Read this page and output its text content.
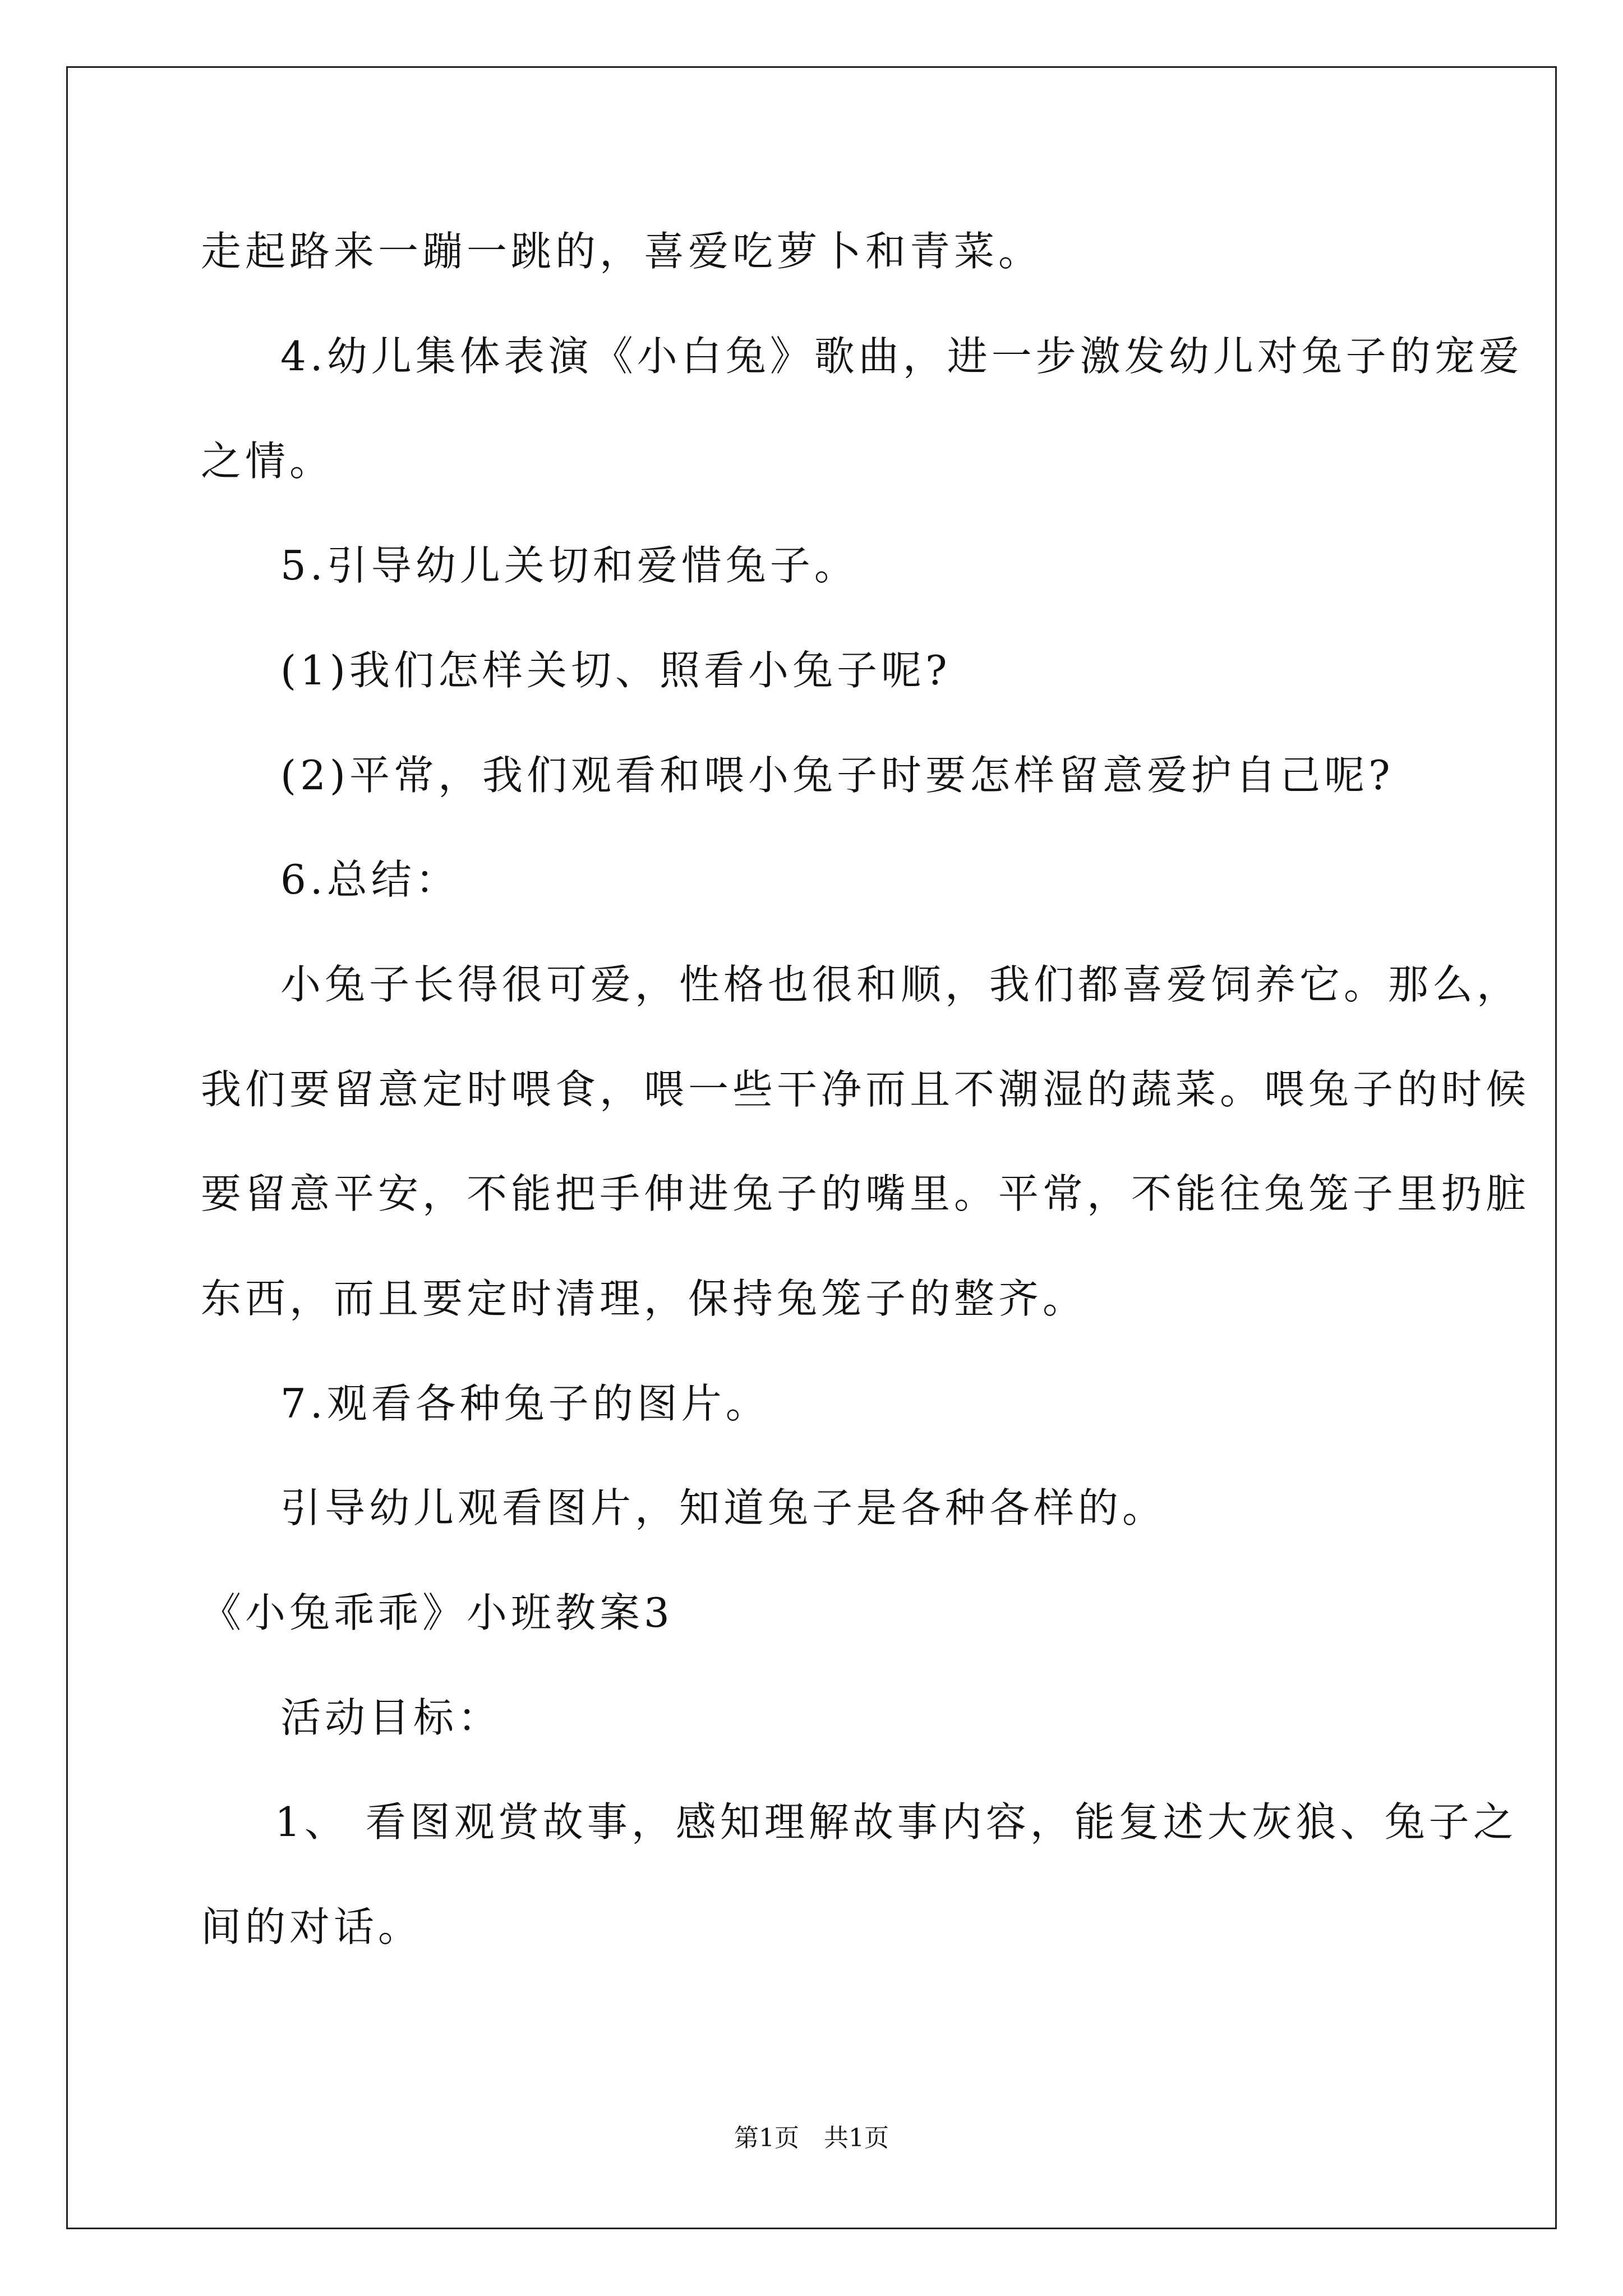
走起路来一蹦一跳的，喜爱吃萝卜和青菜。

4.幼儿集体表演《小白兔》歌曲，进一步激发幼儿对兔子的宠爱

之情。

5.引导幼儿关切和爱惜兔子。

(1)我们怎样关切、照看小兔子呢?

(2)平常，我们观看和喂小兔子时要怎样留意爱护自己呢?

6.总结：

小兔子长得很可爱，性格也很和顺，我们都喜爱饲养它。那么，

我们要留意定时喂食，喂一些干净而且不潮湿的蔬菜。喂兔子的时候

要留意平安，不能把手伸进兔子的嘴里。平常，不能往兔笼子里扔脏

东西，而且要定时清理，保持兔笼子的整齐。

7.观看各种兔子的图片。

引导幼儿观看图片，知道兔子是各种各样的。

《小兔乖乖》小班教案3

活动目标：

1、 看图观赏故事，感知理解故事内容，能复述大灰狼、兔子之

间的对话。

第1页　共1页
